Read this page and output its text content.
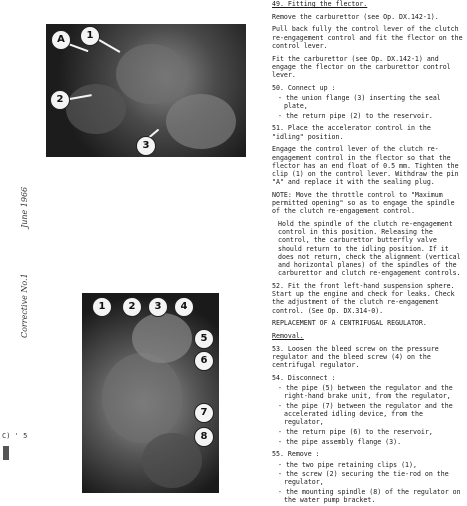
June 1966
Corrective No.1
C) ' 5
A	1
2
3
1	2	3	4
5
6
7
8
49. Fitting the flector.
Remove the carburettor (see Op. DX.142-1).
Pull back fully the control lever of the clutch re-engagement control and fit the flector on the control lever.
Fit the carburettor (see Op. DX.142-1) and engage the flector on the carburettor control lever.
50. Connect up :
- the union flange (3) inserting the seal plate,
- the return pipe (2) to the reservoir.
51. Place the accelerator control in the "idling" position.
Engage the control lever of the clutch re-engagement control in the flector so that the flector has an end float of 0.5 mm. Tighten the clip (1) on the control lever. Withdraw the pin "A" and replace it with the sealing plug.
NOTE: Move the throttle control to "Maximum permitted opening" so as to engage the spindle of the clutch re-engagement control.
Hold the spindle of the clutch re-engagement control in this position. Releasing the control, the carburettor butterfly valve should return to the idling position. If it does not return, check the alignment (vertical and horizontal planes) of the spindles of the carburettor and clutch re-engagement controls.
52. Fit the front left-hand suspension sphere. Start up the engine and check for leaks. Check the adjustment of the clutch re-engagement control. (See Op. DX.314-0).
REPLACEMENT OF A CENTRIFUGAL REGULATOR.
Removal.
53. Loosen the bleed screw on the pressure regulator and the bleed screw (4) on the centrifugal regulator.
54. Disconnect :
- the pipe (5) between the regulator and the right-hand brake unit, from the regulator,
- the pipe (7) between the regulator and the accelerated idling device, from the regulator,
- the return pipe (6) to the reservoir,
- the pipe assembly flange (3).
55. Remove :
- the two pipe retaining clips (1),
- the screw (2) securing the tie-rod on the regulator,
- the mounting spindle (8) of the regulator on the water pump bracket.
